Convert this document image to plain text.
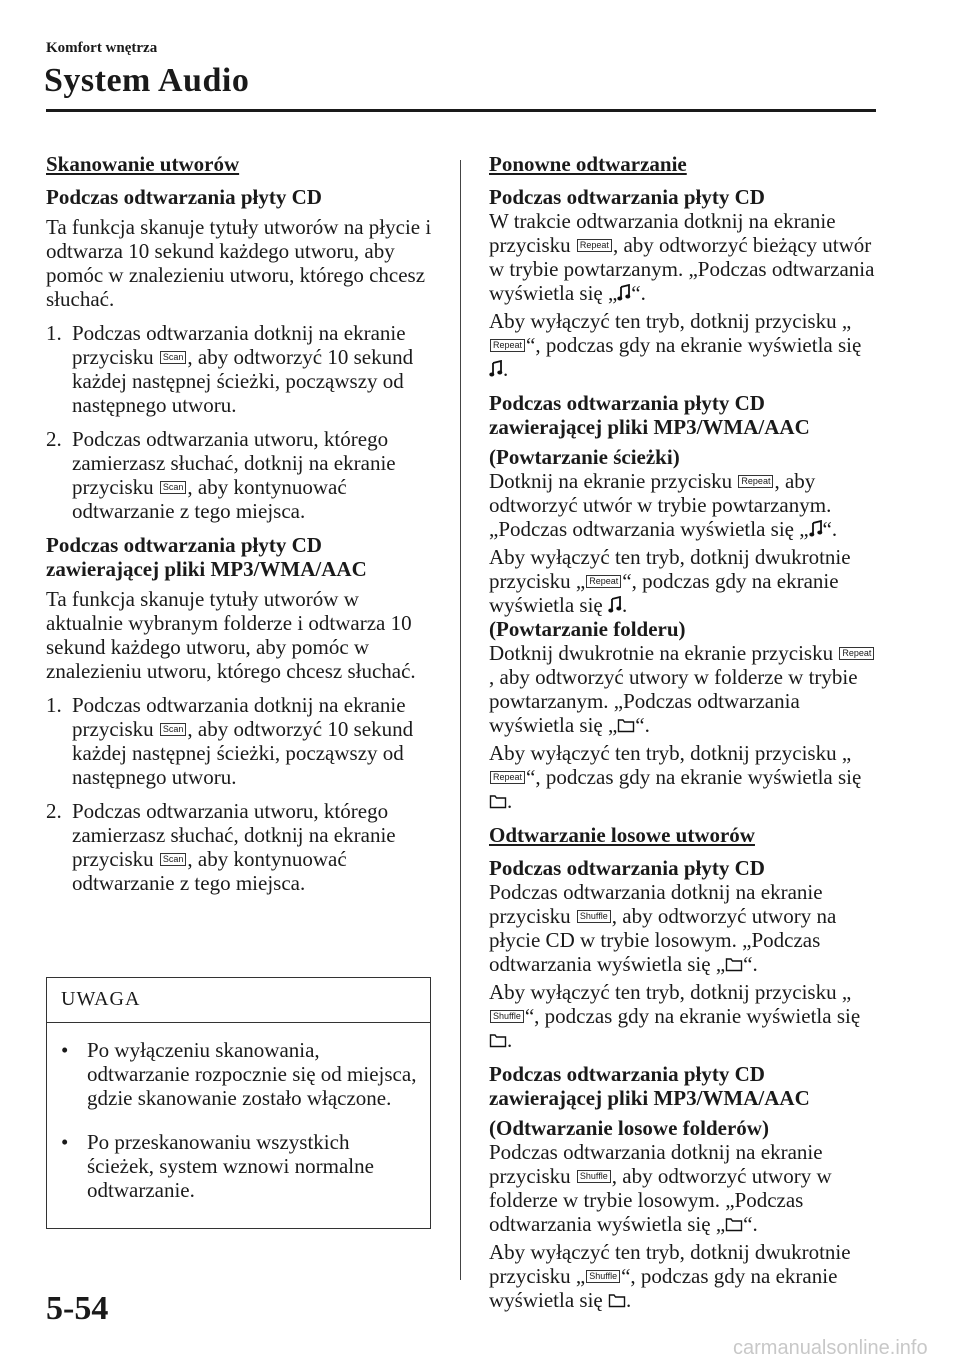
Komfort wnętrza
System Audio
Skanowanie utworów
Podczas odtwarzania płyty CD
Ta funkcja skanuje tytuły utworów na płycie i odtwarza 10 sekund każdego utworu, aby pomóc w znalezieniu utworu, którego chcesz słuchać.
1. Podczas odtwarzania dotknij na ekranie przycisku Scan , aby odtworzyć 10 sekund każdej następnej ścieżki, począwszy od następnego utworu.
2. Podczas odtwarzania utworu, którego zamierzasz słuchać, dotknij na ekranie przycisku Scan , aby kontynuować odtwarzanie z tego miejsca.
Podczas odtwarzania płyty CD zawierającej pliki MP3/WMA/AAC
Ta funkcja skanuje tytuły utworów w aktualnie wybranym folderze i odtwarza 10 sekund każdego utworu, aby pomóc w znalezieniu utworu, którego chcesz słuchać.
1. Podczas odtwarzania dotknij na ekranie przycisku Scan , aby odtworzyć 10 sekund każdej następnej ścieżki, począwszy od następnego utworu.
2. Podczas odtwarzania utworu, którego zamierzasz słuchać, dotknij na ekranie przycisku Scan , aby kontynuować odtwarzanie z tego miejsca.
UWAGA
• Po wyłączeniu skanowania, odtwarzanie rozpocznie się od miejsca, gdzie skanowanie zostało włączone.
• Po przeskanowaniu wszystkich ścieżek, system wznowi normalne odtwarzanie.
Ponowne odtwarzanie
Podczas odtwarzania płyty CD
W trakcie odtwarzania dotknij na ekranie przycisku Repeat , aby odtworzyć bieżący utwór w trybie powtarzanym. „Podczas odtwarzania wyświetla się „ “.
Aby wyłączyć ten tryb, dotknij przycisku „Repeat “, podczas gdy na ekranie wyświetla się .
Podczas odtwarzania płyty CD zawierającej pliki MP3/WMA/AAC
(Powtarzanie ścieżki)
Dotknij na ekranie przycisku Repeat , aby odtworzyć utwór w trybie powtarzanym. „Podczas odtwarzania wyświetla się „ “.
Aby wyłączyć ten tryb, dotknij dwukrotnie przycisku „ Repeat “, podczas gdy na ekranie wyświetla się .
(Powtarzanie folderu)
Dotknij dwukrotnie na ekranie przycisku Repeat, aby odtworzyć utwory w folderze w trybie powtarzanym. „Podczas odtwarzania wyświetla się „ “.
Aby wyłączyć ten tryb, dotknij przycisku „Repeat “, podczas gdy na ekranie wyświetla się .
Odtwarzanie losowe utworów
Podczas odtwarzania płyty CD
Podczas odtwarzania dotknij na ekranie przycisku Shuffle , aby odtworzyć utwory na płycie CD w trybie losowym. „Podczas odtwarzania wyświetla się „ “.
Aby wyłączyć ten tryb, dotknij przycisku „Shuffle “, podczas gdy na ekranie wyświetla się .
Podczas odtwarzania płyty CD zawierającej pliki MP3/WMA/AAC
(Odtwarzanie losowe folderów)
Podczas odtwarzania dotknij na ekranie przycisku Shuffle , aby odtworzyć utwory w folderze w trybie losowym. „Podczas odtwarzania wyświetla się „ “.
Aby wyłączyć ten tryb, dotknij dwukrotnie przycisku „ Shuffle “, podczas gdy na ekranie wyświetla się .
5-54
carmanualsonline.info
